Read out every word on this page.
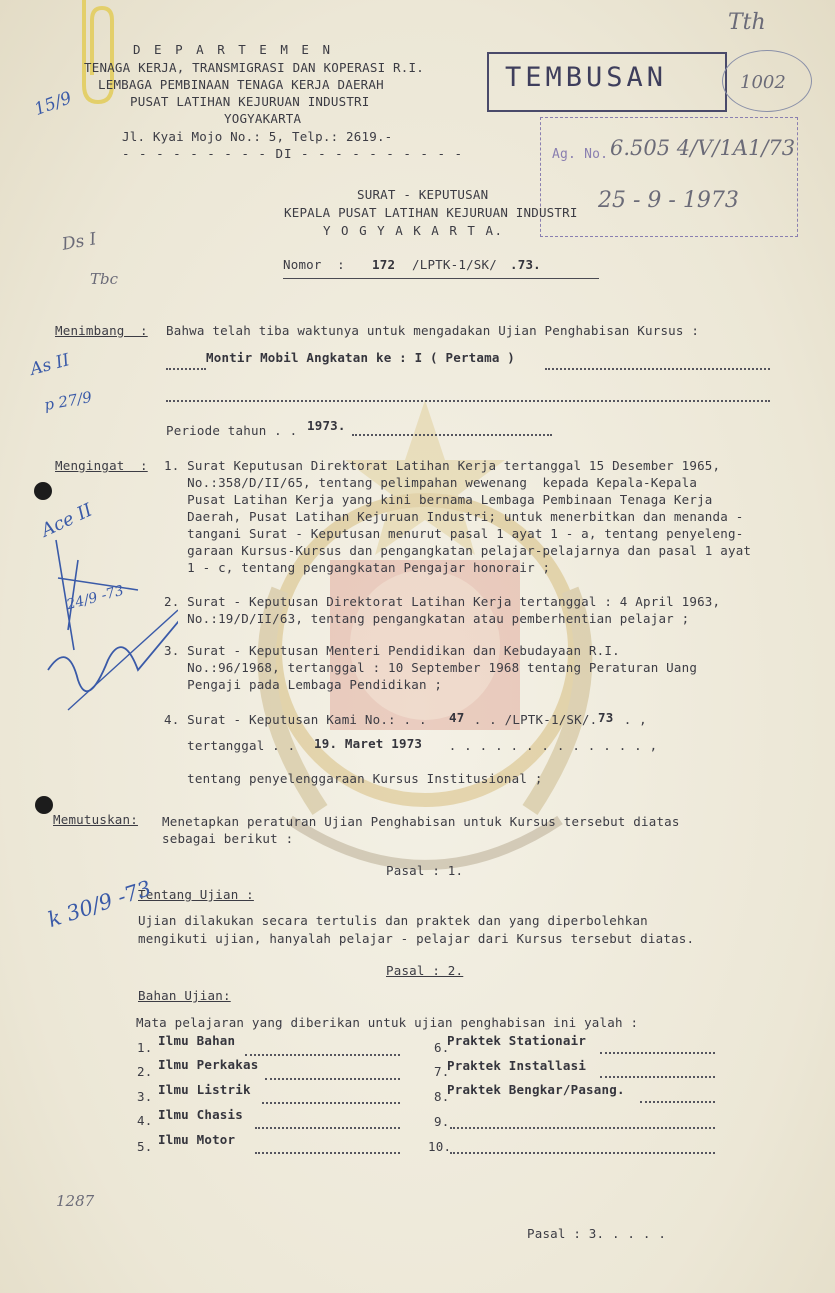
D E P A R T E M E N
TENAGA KERJA, TRANSMIGRASI DAN KOPERASI R.I.
LEMBAGA PEMBINAAN TENAGA KERJA DAERAH
PUSAT LATIHAN KEJURUAN INDUSTRI
YOGYAKARTA
Jl. Kyai Mojo No.: 5, Telp.: 2619.-
- - - - - - - - - DI - - - - - - - - - -
TEMBUSAN	1002
Tth
Ag. No. 6.505 4/V/1A1/73
25 - 9 - 1973
SURAT - KEPUTUSAN
KEPALA PUSAT LATIHAN KEJURUAN INDUSTRI
Y O G Y A K A R T A.
Nomor  : 172 /LPTK-1/SK/ .73.
Menimbang  : Bahwa telah tiba waktunya untuk mengadakan Ujian Penghabisan Kursus :
Montir Mobil Angkatan ke : I ( Pertama )
Periode tahun . . 1973.
Mengingat  : 1. Surat Keputusan Direktorat Latihan Kerja tertanggal 15 Desember 1965,
No.:358/D/II/65, tentang pelimpahan wewenang  kepada Kepala-Kepala
Pusat Latihan Kerja yang kini bernama Lembaga Pembinaan Tenaga Kerja
Daerah, Pusat Latihan Kejuruan Industri; untuk menerbitkan dan menanda -
tangani Surat - Keputusan menurut pasal 1 ayat 1 - a, tentang penyeleng-
garaan Kursus-Kursus dan pengangkatan pelajar-pelajarnya dan pasal 1 ayat
1 - c, tentang pengangkatan Pengajar honorair ;
2. Surat - Keputusan Direktorat Latihan Kerja tertanggal : 4 April 1963,
No.:19/D/II/63, tentang pengangkatan atau pemberhentian pelajar ;
3. Surat - Keputusan Menteri Pendidikan dan Kebudayaan R.I.
No.:96/1968, tertanggal : 10 September 1968 tentang Peraturan Uang
Pengaji pada Lembaga Pendidikan ;
4. Surat - Keputusan Kami No.: . . 47 . . /LPTK-1/SK/. 73 . ,
tertanggal . . 19. Maret 1973 . . . . . . . . . . . . . ,
tentang penyelenggaraan Kursus Institusional ;
Memutuskan: Menetapkan peraturan Ujian Penghabisan untuk Kursus tersebut diatas
sebagai berikut :
Pasal : 1.
Tentang Ujian :
Ujian dilakukan secara tertulis dan praktek dan yang diperbolehkan
mengikuti ujian, hanyalah pelajar - pelajar dari Kursus tersebut diatas.
Pasal : 2.
Bahan Ujian:
Mata pelajaran yang diberikan untuk ujian penghabisan ini yalah :
1. Ilmu Bahan
2. Ilmu Perkakas
3. Ilmu Listrik
4. Ilmu Chasis
5. Ilmu Motor
6.
Praktek Stationair
7.
Praktek Installasi
8.
Praktek Bengkar/Pasang.
9.
10.
Pasal : 3. . . . .
15/9
Ds I
Tbc
As II
p 27/9
Ace II
24/9 -73
k 30/9 -73
1287
